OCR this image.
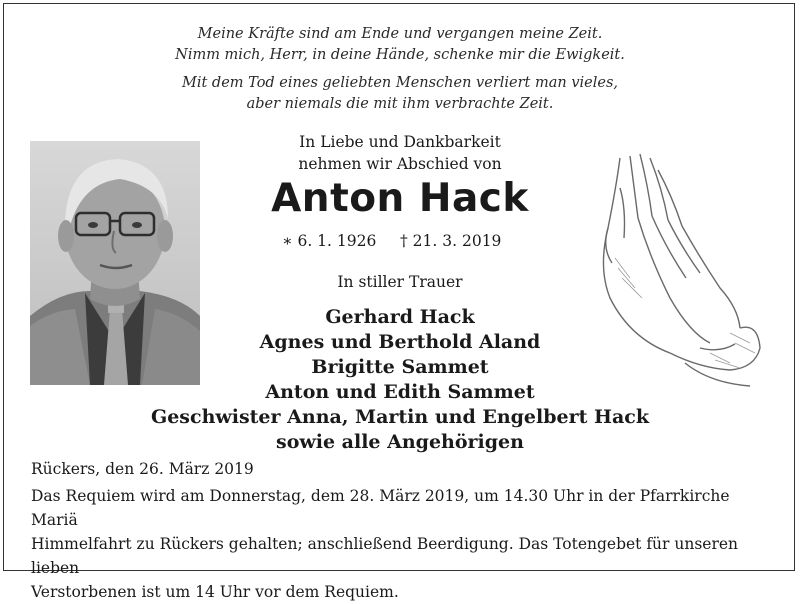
Meine Kräfte sind am Ende und vergangen meine Zeit.
Nimm mich, Herr, in deine Hände, schenke mir die Ewigkeit.
Mit dem Tod eines geliebten Menschen verliert man vieles,
aber niemals die mit ihm verbrachte Zeit.
In Liebe und Dankbarkeit
nehmen wir Abschied von
Anton Hack
∗ 6. 1. 1926 † 21. 3. 2019
In stiller Trauer
Gerhard Hack
Agnes und Berthold Aland
Brigitte Sammet
Anton und Edith Sammet
Geschwister Anna, Martin und Engelbert Hack
sowie alle Angehörigen
Rückers, den 26. März 2019
Das Requiem wird am Donnerstag, dem 28. März 2019, um 14.30 Uhr in der Pfarrkirche Mariä
Himmelfahrt zu Rückers gehalten; anschließend Beerdigung. Das Totengebet für unseren lieben
Verstorbenen ist um 14 Uhr vor dem Requiem.
